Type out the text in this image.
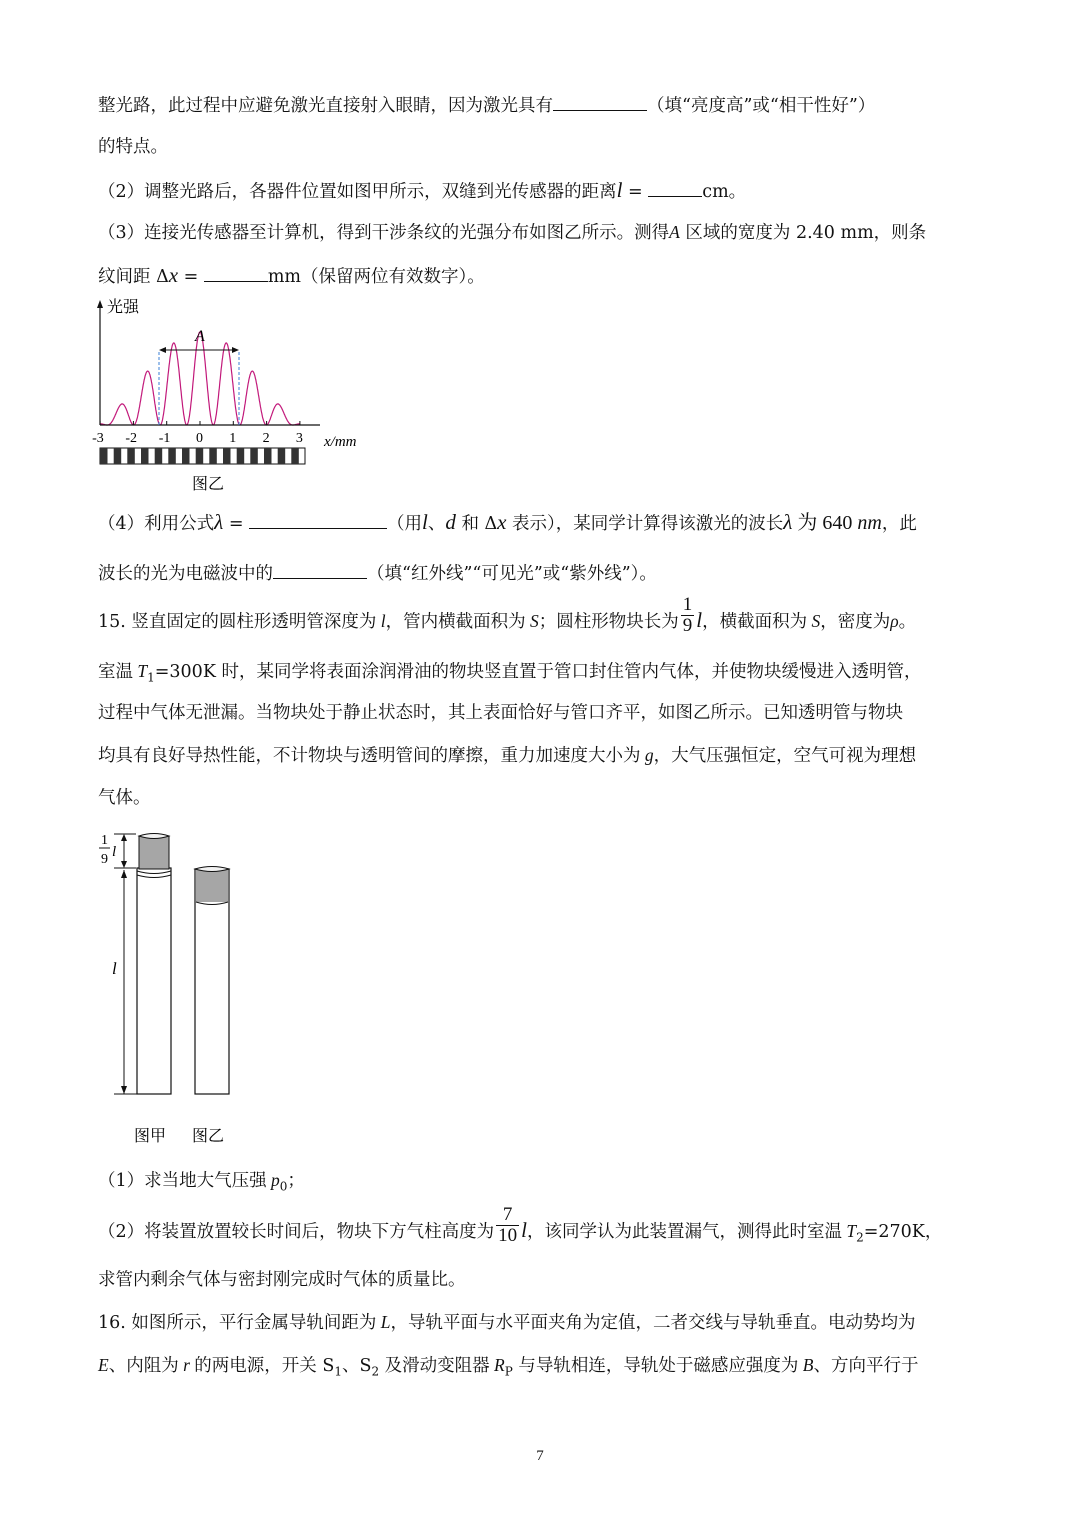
整光路，此过程中应避免激光直接射入眼睛，因为激光具有	（填“亮度高”或“相干性好”）
的特点。
（2）调整光路后，各器件位置如图甲所示，双缝到光传感器的距离l =	cm。
（3）连接光传感器至计算机，得到干涉条纹的光强分布如图乙所示。测得A 区域的宽度为 2.40 mm，则条
纹间距 Δx =	mm（保留两位有效数字）。
光强
-3 -2 -1 0 1 2 3 x/mm
A
图乙
（4）利用公式λ =	（用l、d 和 Δx 表示），某同学计算得该激光的波长λ 为 640 nm，此
波长的光为电磁波中的	（填“红外线”“可见光”或“紫外线”）。
15. 竖直固定的圆柱形透明管深度为 l，管内横截面积为 S；圆柱形物块长为 $\frac{1}{9}$ l，横截面积为 S，密度为ρ。
室温 $T_1=300K$ 时，某同学将表面涂润滑油的物块竖直置于管口封住管内气体，并使物块缓慢进入透明管，
过程中气体无泄漏。当物块处于静止状态时，其上表面恰好与管口齐平，如图乙所示。已知透明管与物块
均具有良好导热性能，不计物块与透明管间的摩擦，重力加速度大小为 g，大气压强恒定，空气可视为理想
气体。
1
9 l
l
图甲 图乙
（1）求当地大气压强 $p_0$；
（2）将装置放置较长时间后，物块下方气柱高度为 $\frac{7}{10}$ l，该同学认为此装置漏气，测得此时室温 $T_2=270K$，
求管内剩余气体与密封刚完成时气体的质量比。
16. 如图所示，平行金属导轨间距为 L，导轨平面与水平面夹角为定值，二者交线与导轨垂直。电动势均为
E、内阻为 r 的两电源，开关 $S_1$、$S_2$ 及滑动变阻器 $R_P$ 与导轨相连，导轨处于磁感应强度为 B、方向平行于
7
